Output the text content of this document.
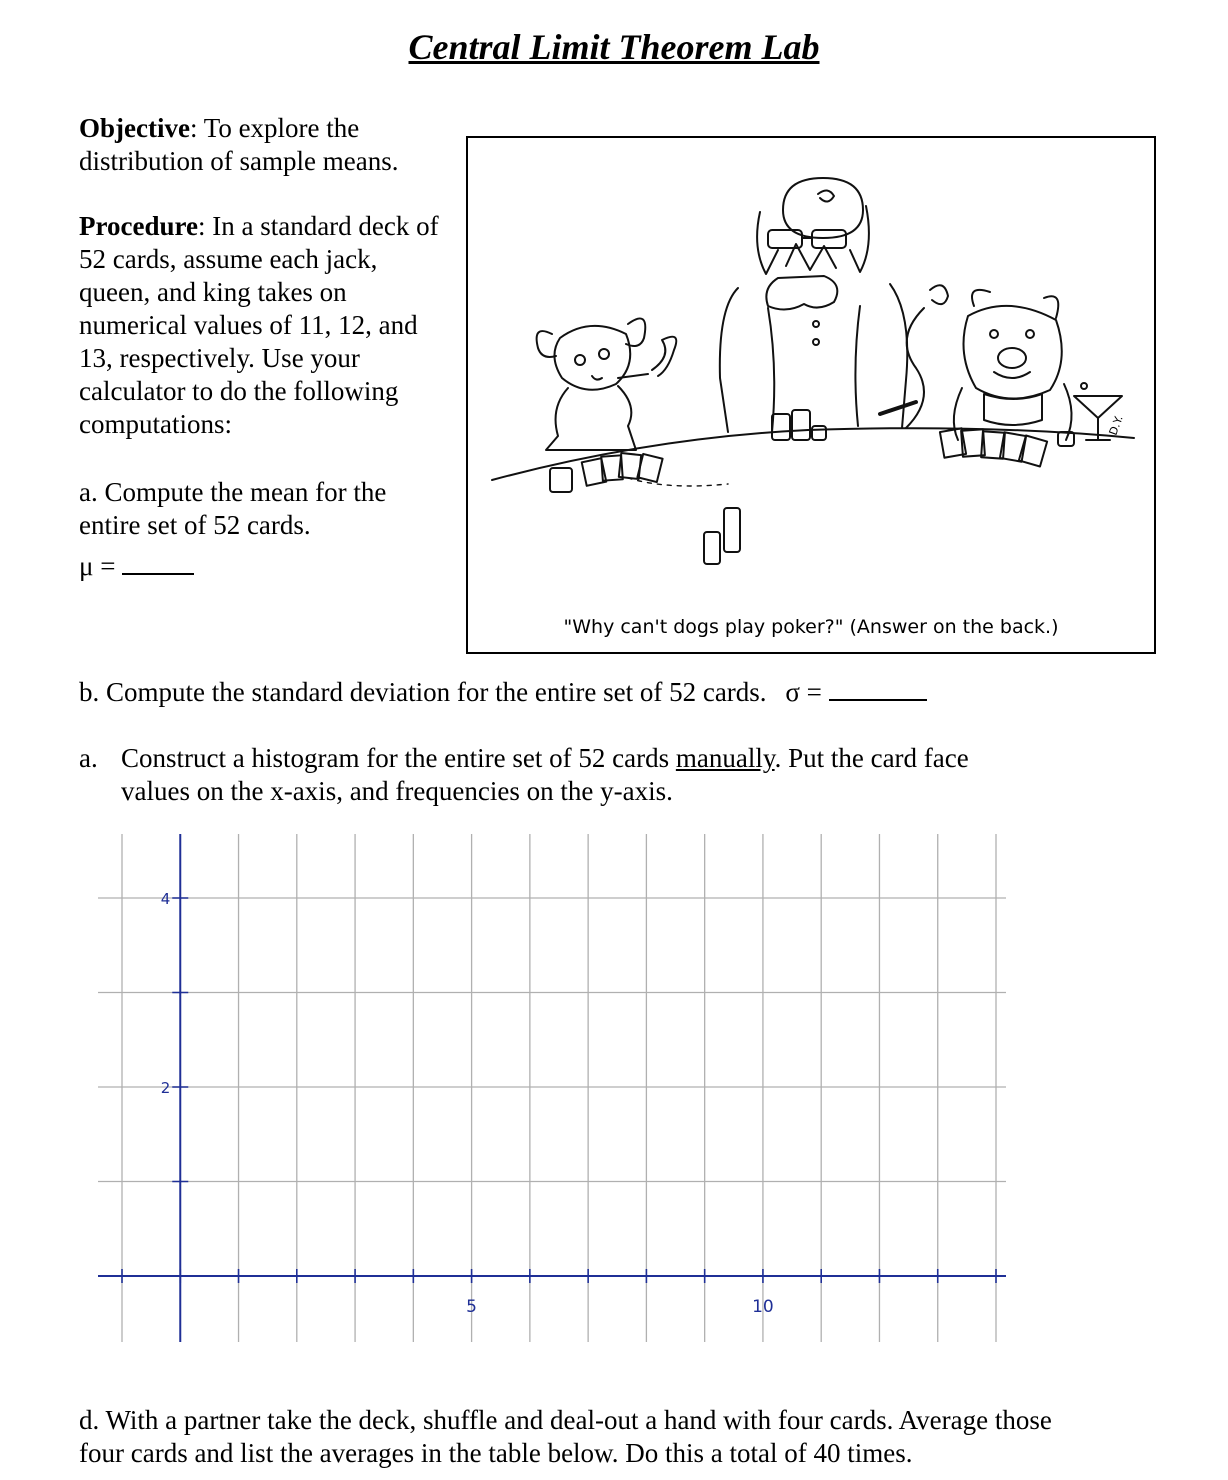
Central Limit Theorem Lab
Objective: To explore the
distribution of sample means.
Procedure: In a standard deck of
52 cards, assume each jack,
queen, and king takes on
numerical values of 11, 12, and
13, respectively. Use your
calculator to do the following
computations:
a. Compute the mean for the
entire set of 52 cards.
μ =
D.Y.
"Why can't dogs play poker?" (Answer on the back.)
b. Compute the standard deviation for the entire set of 52 cards. σ =
a. Construct a histogram for the entire set of 52 cards manually. Put the card face
values on the x-axis, and frequencies on the y-axis.
5	10
2
4
d. With a partner take the deck, shuffle and deal-out a hand with four cards. Average those
four cards and list the averages in the table below. Do this a total of 40 times.
